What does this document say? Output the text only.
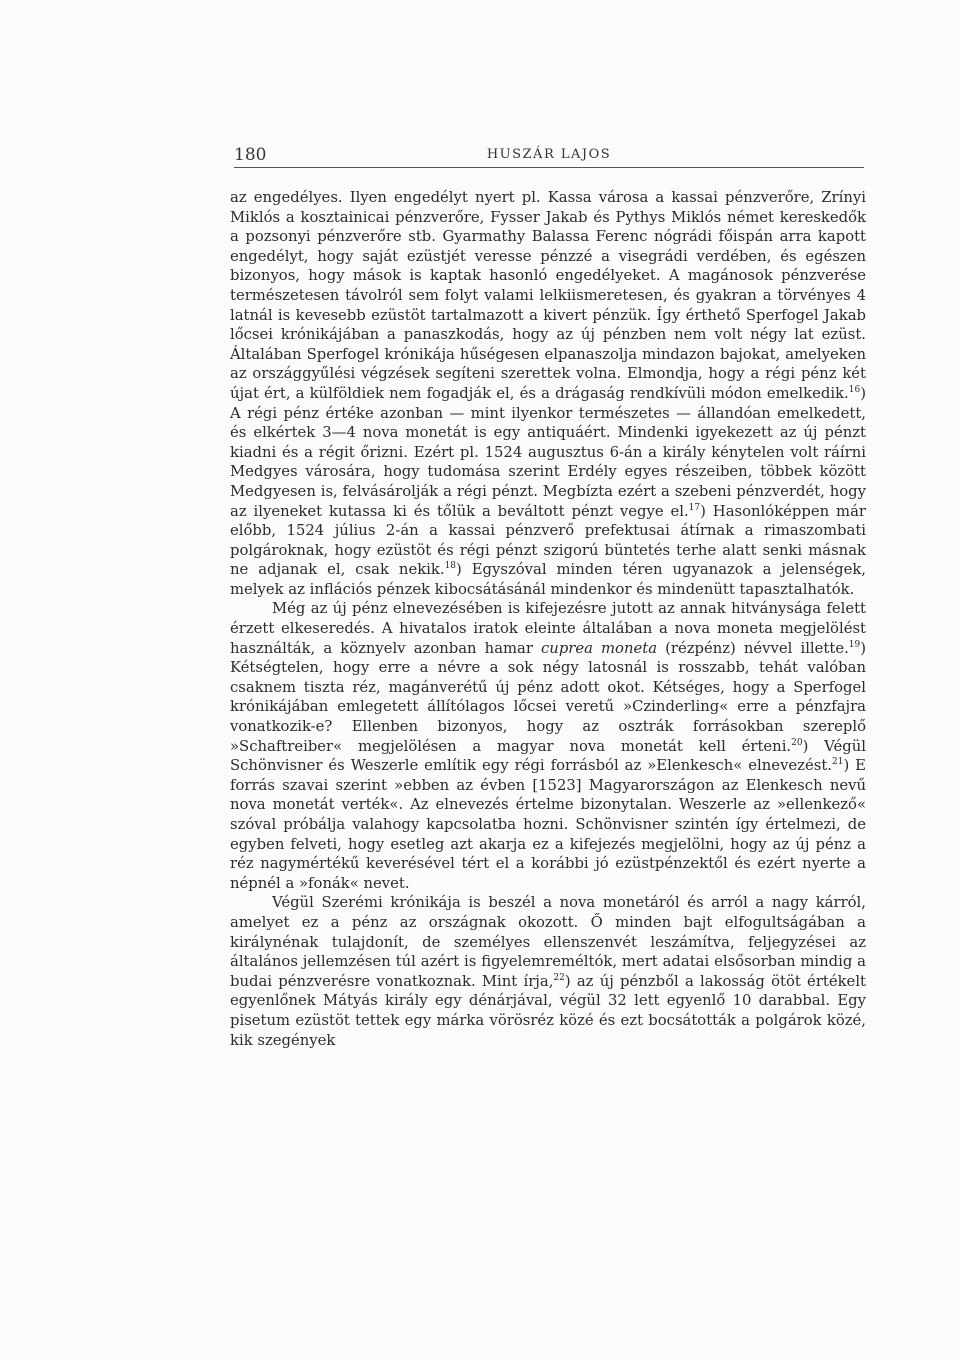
180	HUSZÁR LAJOS

az engedélyes. Ilyen engedélyt nyert pl. Kassa városa a kassai pénzverőre, Zrínyi Miklós a kosztainicai pénzverőre, Fysser Jakab és Pythys Miklós német kereskedők a pozsonyi pénzverőre stb. Gyarmathy Balassa Ferenc nógrádi főispán arra kapott engedélyt, hogy saját ezüstjét veresse pénzzé a visegrádi verdében, és egészen bizonyos, hogy mások is kaptak hasonló engedélyeket. A magánosok pénzverése természetesen távolról sem folyt valami lelkiismeretesen, és gyakran a törvényes 4 latnál is kevesebb ezüstöt tartalmazott a kivert pénzük. Így érthető Sperfogel Jakab lőcsei krónikájában a panaszkodás, hogy az új pénzben nem volt négy lat ezüst. Általában Sperfogel krónikája hűségesen elpanaszolja mindazon bajokat, amelyeken az országgyűlési végzések segíteni szerettek volna. Elmondja, hogy a régi pénz két újat ért, a külföldiek nem fogadják el, és a drágaság rendkívüli módon emelkedik.$^{16}$) A régi pénz értéke azonban — mint ilyenkor természetes — állandóan emelkedett, és elkértek 3—4 nova monetát is egy antiquáért. Mindenki igyekezett az új pénzt kiadni és a régit őrizni. Ezért pl. 1524 augusztus 6-án a király kénytelen volt ráírni Medgyes városára, hogy tudomása szerint Erdély egyes részeiben, többek között Medgyesen is, felvásárolják a régi pénzt. Megbízta ezért a szebeni pénzverdét, hogy az ilyeneket kutassa ki és tőlük a beváltott pénzt vegye el.$^{17}$) Hasonlóképpen már előbb, 1524 július 2-án a kassai pénzverő prefektusai átírnak a rimaszombati polgároknak, hogy ezüstöt és régi pénzt szigorú büntetés terhe alatt senki másnak ne adjanak el, csak nekik.$^{18}$) Egyszóval minden téren ugyanazok a jelenségek, melyek az inflációs pénzek kibocsátásánál mindenkor és mindenütt tapasztalhatók.

Még az új pénz elnevezésében is kifejezésre jutott az annak hitványsága felett érzett elkeseredés. A hivatalos iratok eleinte általában a nova moneta megjelölést használták, a köznyelv azonban hamar cuprea moneta (rézpénz) névvel illette.$^{19}$) Kétségtelen, hogy erre a névre a sok négy latosnál is rosszabb, tehát valóban csaknem tiszta réz, magánverétű új pénz adott okot. Kétséges, hogy a Sperfogel krónikájában emlegetett állítólagos lőcsei veretű »Czinderling« erre a pénzfajra vonatkozik-e? Ellenben bizonyos, hogy az osztrák forrásokban szereplő »Schaftreiber« megjelölésen a magyar nova monetát kell érteni.$^{20}$) Végül Schönvisner és Weszerle említik egy régi forrásból az »Elenkesch« elnevezést.$^{21}$) E forrás szavai szerint »ebben az évben [1523] Magyarországon az Elenkesch nevű nova monetát verték«. Az elnevezés értelme bizonytalan. Weszerle az »ellenkező« szóval próbálja valahogy kapcsolatba hozni. Schönvisner szintén így értelmezi, de egyben felveti, hogy esetleg azt akarja ez a kifejezés megjelölni, hogy az új pénz a réz nagymértékű keverésével tért el a korábbi jó ezüstpénzektől és ezért nyerte a népnél a »fonák« nevet.

Végül Szerémi krónikája is beszél a nova monetáról és arról a nagy kárról, amelyet ez a pénz az országnak okozott. Ő minden bajt elfogultságában a királynénak tulajdonít, de személyes ellenszenvét leszámítva, feljegyzései az általános jellemzésen túl azért is figyelemreméltók, mert adatai elsősorban mindig a budai pénzverésre vonatkoznak. Mint írja,$^{22}$) az új pénzből a lakosság ötöt értékelt egyenlőnek Mátyás király egy dénárjával, végül 32 lett egyenlő 10 darabbal. Egy pisetum ezüstöt tettek egy márka vörösréz közé és ezt bocsátották a polgárok közé, kik szegények
